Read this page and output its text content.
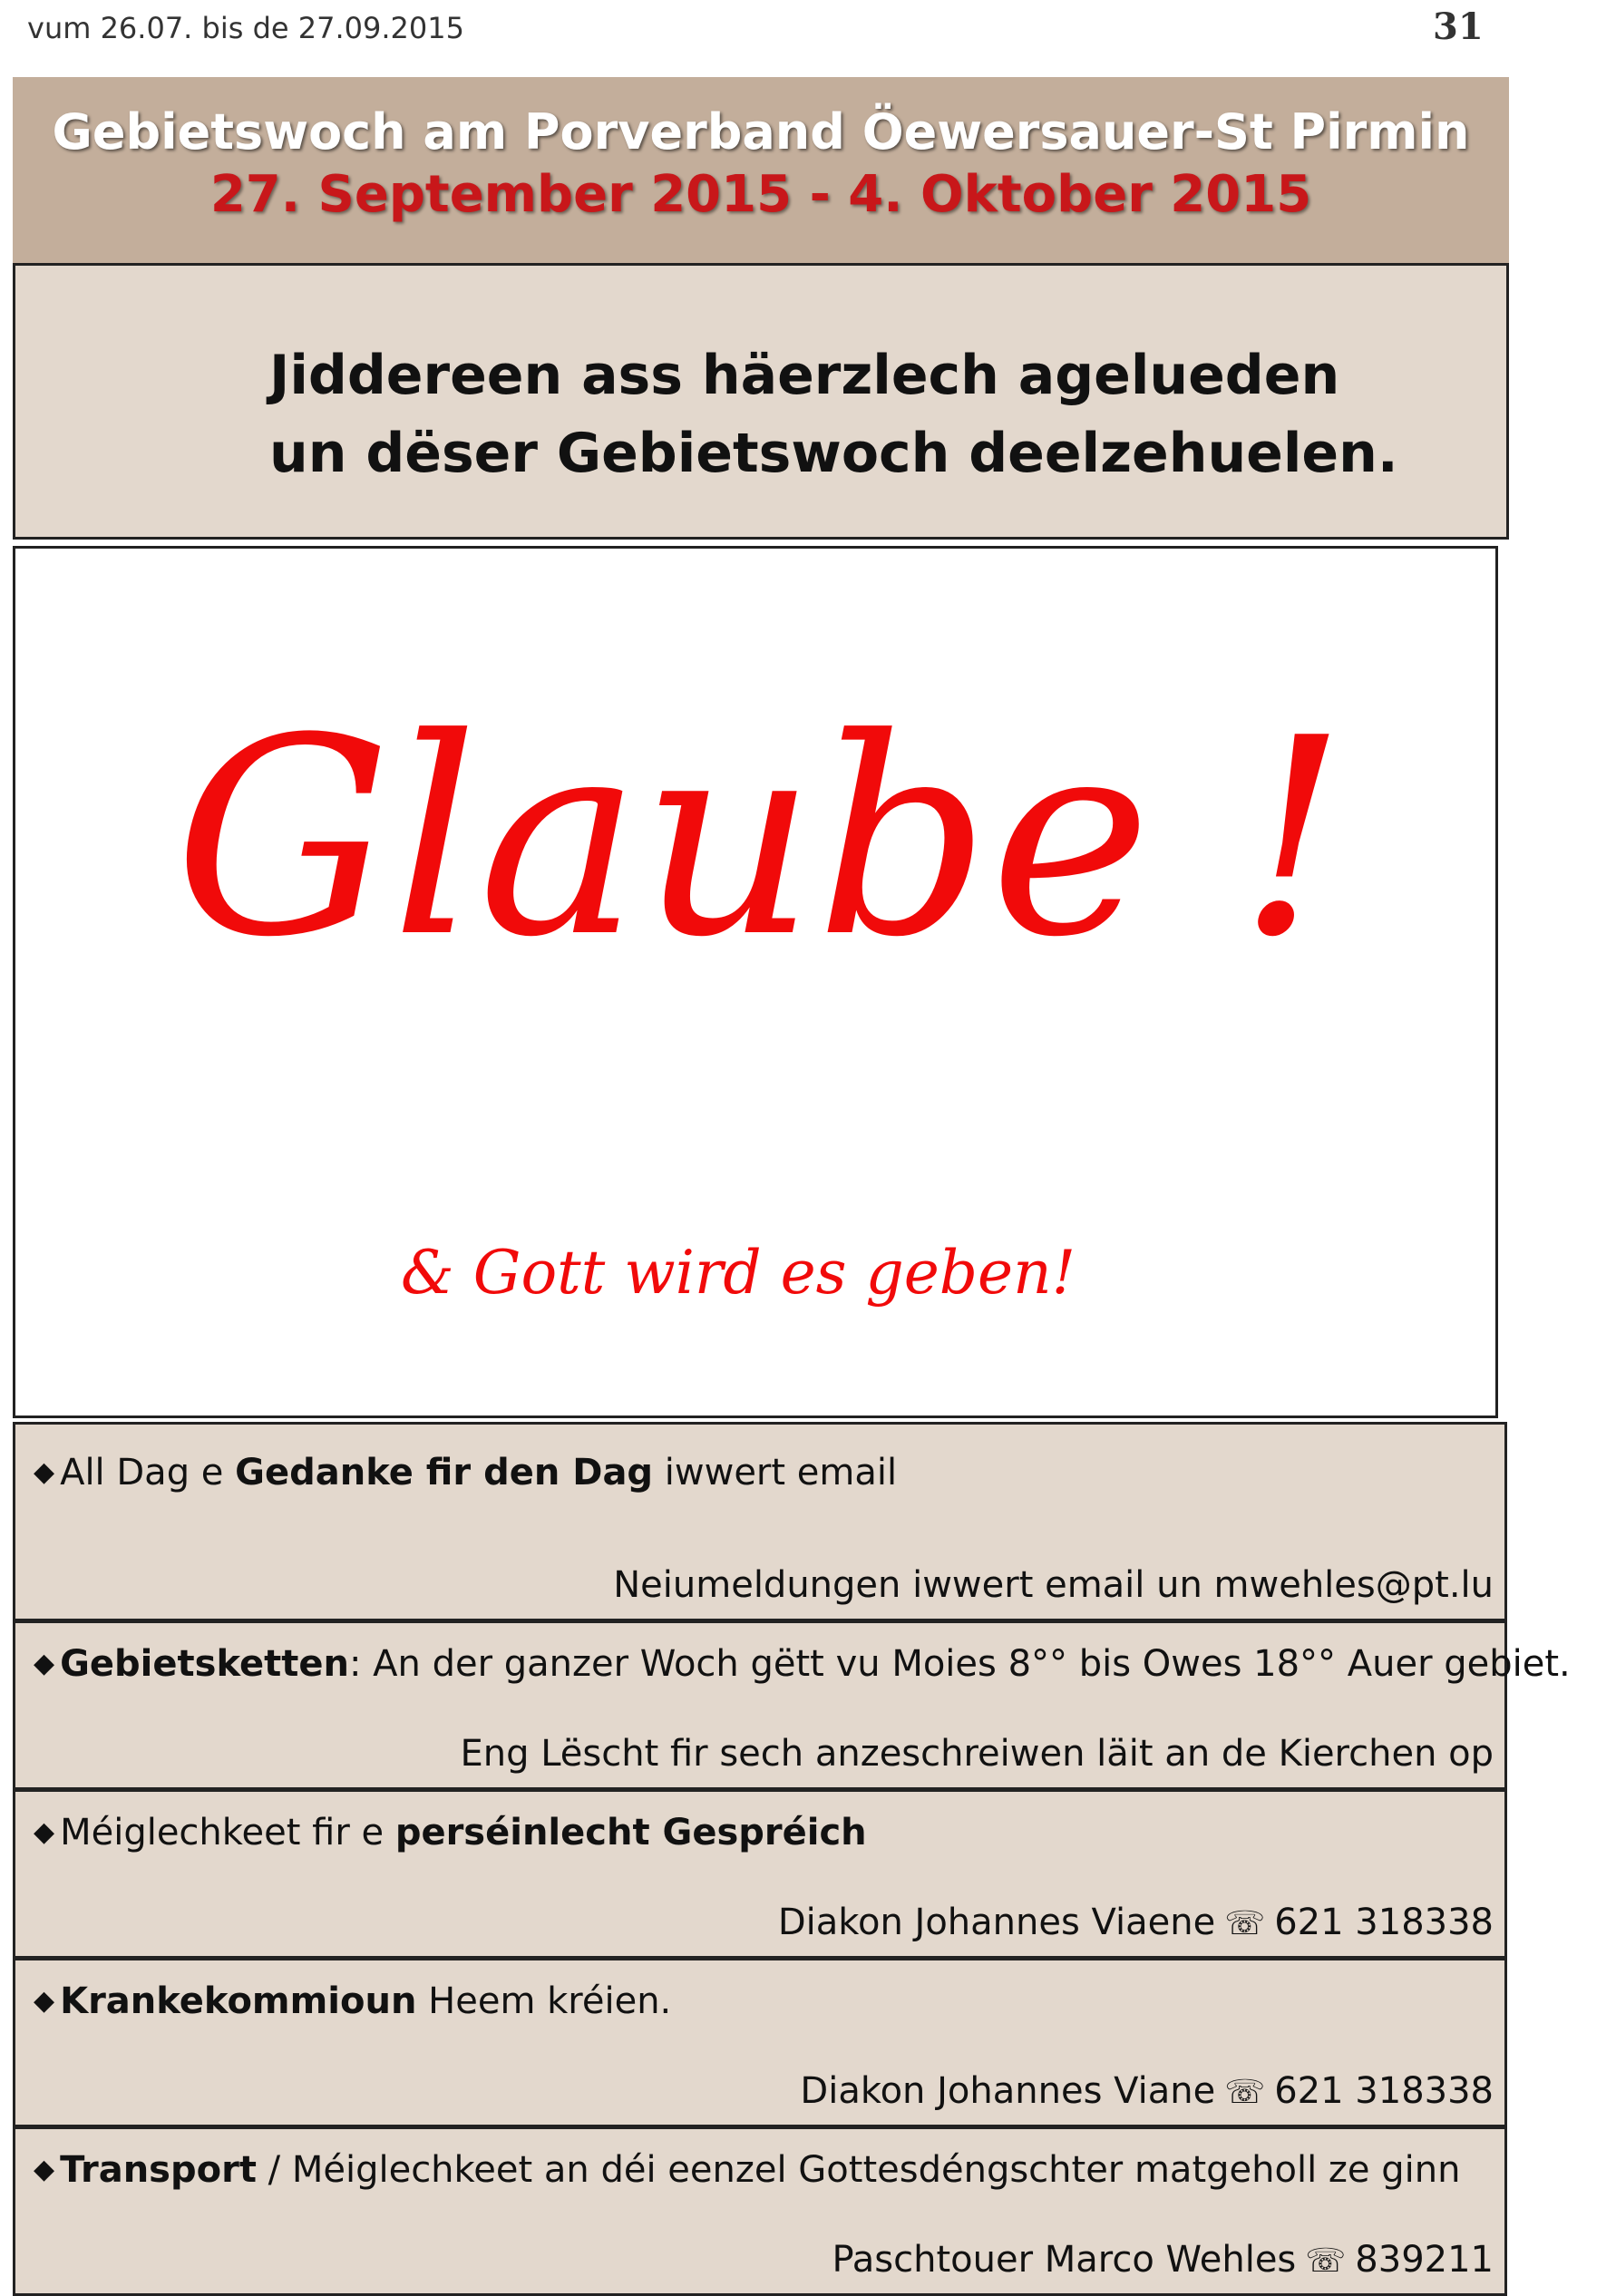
vum 26.07. bis de 27.09.2015	31
Gebietswoch am Porverband Öewersauer-St Pirmin
27. September 2015 - 4. Oktober 2015
Jiddereen ass häerzlech agelueden
un dëser Gebietswoch deelzehuelen.
Glaube !
& Gott wird es geben!
◆ All Dag e Gedanke fir den Dag iwwert email
Neiumeldungen iwwert email un mwehles@pt.lu
◆ Gebietsketten: An der ganzer Woch gëtt vu Moies 8°° bis Owes 18°° Auer gebiet.
Eng Lëscht fir sech anzeschreiwen läit an de Kierchen op
◆ Méiglechkeet fir e perséinlecht Gespréich
Diakon Johannes Viaene ☏ 621 318338
◆ Krankekommioun Heem kréien.
Diakon Johannes Viane ☏ 621 318338
◆ Transport / Méiglechkeet an déi eenzel Gottesdéngschter matgeholl ze ginn
Paschtouer Marco Wehles ☏ 839211
